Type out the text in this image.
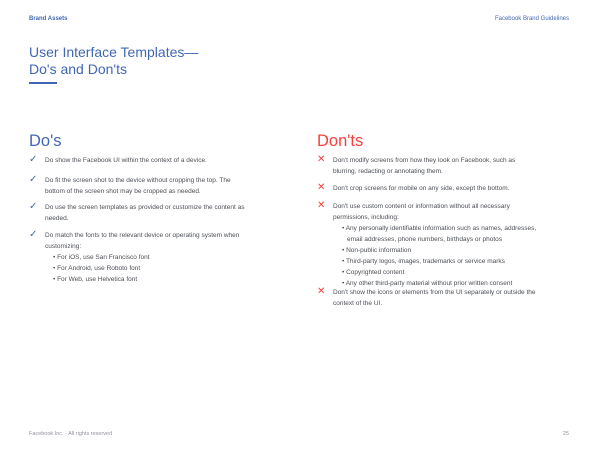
Brand Assets	Facebook Brand Guidelines
User Interface Templates—
Do's and Don'ts
Do's
✓ Do show the Facebook UI within the context of a device.
✓ Do fit the screen shot to the device without cropping the top. The
bottom of the screen shot may be cropped as needed.
✓ Do use the screen templates as provided or customize the content as
needed.
✓ Do match the fonts to the relevant device or operating system when
customizing:
• For iOS, use San Francisco font
• For Android, use Roboto font
• For Web, use Helvetica font
Don'ts
✕ Don't modify screens from how they look on Facebook, such as
blurring, redacting or annotating them.
✕ Don't crop screens for mobile on any side, except the bottom.
✕ Don't use custom content or information without all necessary
permissions, including:
• Any personally identifiable information such as names, addresses,
email addresses, phone numbers, birthdays or photos
• Non-public information
• Third-party logos, images, trademarks or service marks
• Copyrighted content
• Any other third-party material without prior written consent
✕ Don't show the icons or elements from the UI separately or outside the
context of the UI.
Facebook Inc. · All rights reserved	25
